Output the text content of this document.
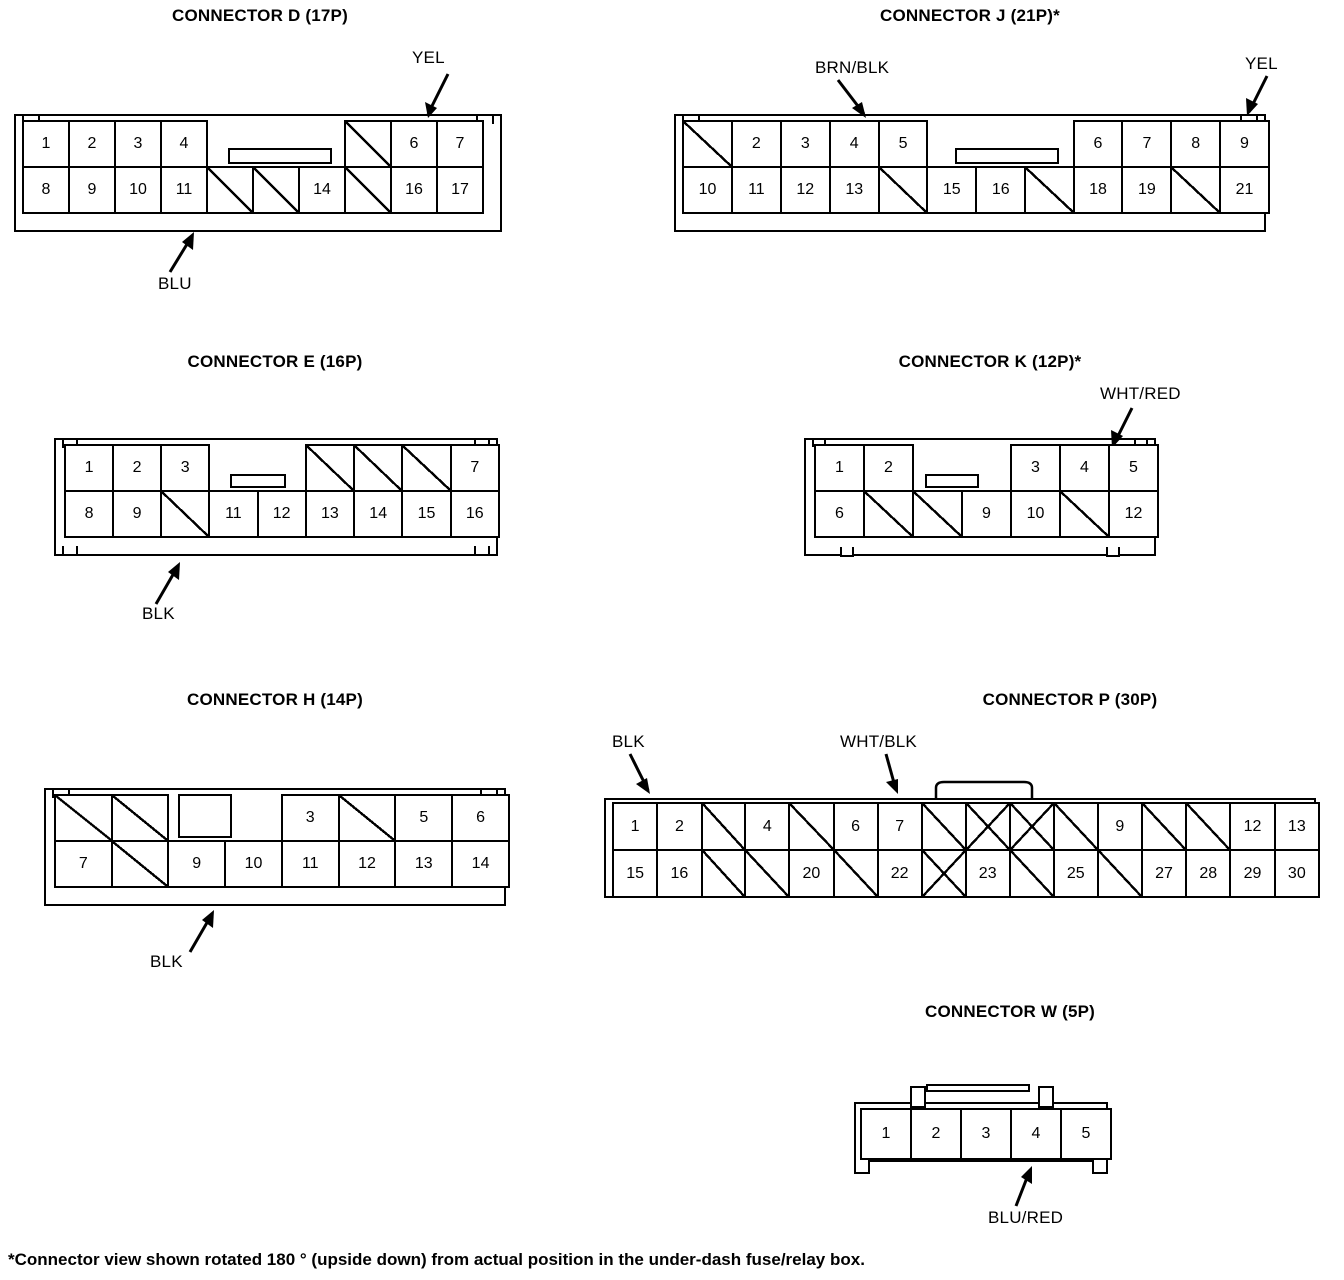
CONNECTOR D (17P)
YEL
1	2	3	4					6	7
8	9	10	11			14		16	17
BLU
CONNECTOR J (21P)*
BRN/BLK	YEL
	2	3	4	5				6	7	8	9
10	11	12	13		15	16		18	19		21
CONNECTOR E (16P)
1	2	3						7
8	9		11	12	13	14	15	16
BLK
CONNECTOR K (12P)*
WHT/RED
1	2			3	4	5
6			9	10		12
CONNECTOR H (14P)
				3		5	6
7		9	10	11	12	13	14
BLK
CONNECTOR P (30P)
BLK	WHT/BLK
1	2		4		6	7					9			12	13
15	16			20		22		23		25		27	28	29	30
CONNECTOR W (5P)
1	2	3	4	5
BLU/RED
*Connector view shown rotated 180 ° (upside down) from actual position in the under-dash fuse/relay box.
